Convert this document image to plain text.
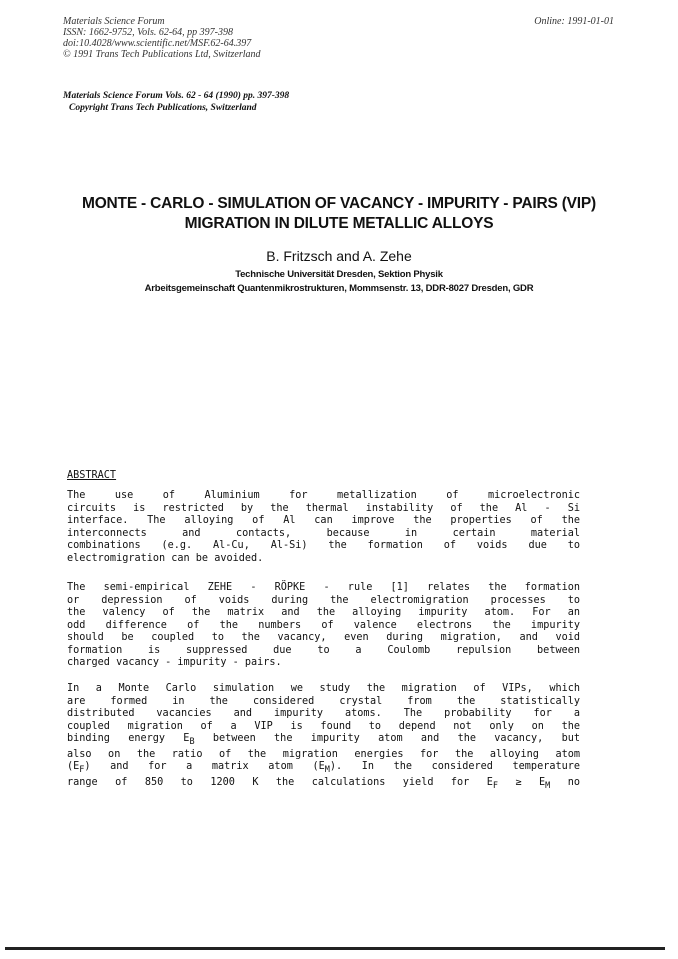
Materials Science Forum
ISSN: 1662-9752, Vols. 62-64, pp 397-398
doi:10.4028/www.scientific.net/MSF.62-64.397
© 1991 Trans Tech Publications Ltd, Switzerland
Online: 1991-01-01
Materials Science Forum Vols. 62 - 64 (1990) pp. 397-398
Copyright Trans Tech Publications, Switzerland
MONTE - CARLO - SIMULATION OF VACANCY - IMPURITY - PAIRS (VIP)
MIGRATION IN DILUTE METALLIC ALLOYS
B. Fritzsch and A. Zehe
Technische Universität Dresden, Sektion Physik
Arbeitsgemeinschaft Quantenmikrostrukturen, Mommsenstr. 13, DDR-8027 Dresden, GDR
ABSTRACT
The use of Aluminium for metallization of microelectronic
circuits is restricted by the thermal instability of the Al - Si
interface. The alloying of Al can improve the properties of the
interconnects and contacts, because in certain material
combinations (e.g. Al-Cu, Al-Si) the formation of voids due to
electromigration can be avoided.
The semi-empirical ZEHE - RÖPKE - rule [1] relates the formation
or depression of voids during the electromigration processes to
the valency of the matrix and the alloying impurity atom. For an
odd difference of the numbers of valence electrons the impurity
should be coupled to the vacancy, even during migration, and void
formation is suppressed due to a Coulomb repulsion between
charged vacancy - impurity - pairs.
In a Monte Carlo simulation we study the migration of VIPs, which
are formed in the considered crystal from the statistically
distributed vacancies and impurity atoms. The probability for a
coupled migration of a VIP is found to depend not only on the
binding energy $E_B$ between the impurity atom and the vacancy, but
also on the ratio of the migration energies for the alloying atom
$(E_F)$ and for a matrix atom $(E_M)$. In the considered temperature
range of 850 to 1200 K the calculations yield for $E_F \ge E_M$ no
